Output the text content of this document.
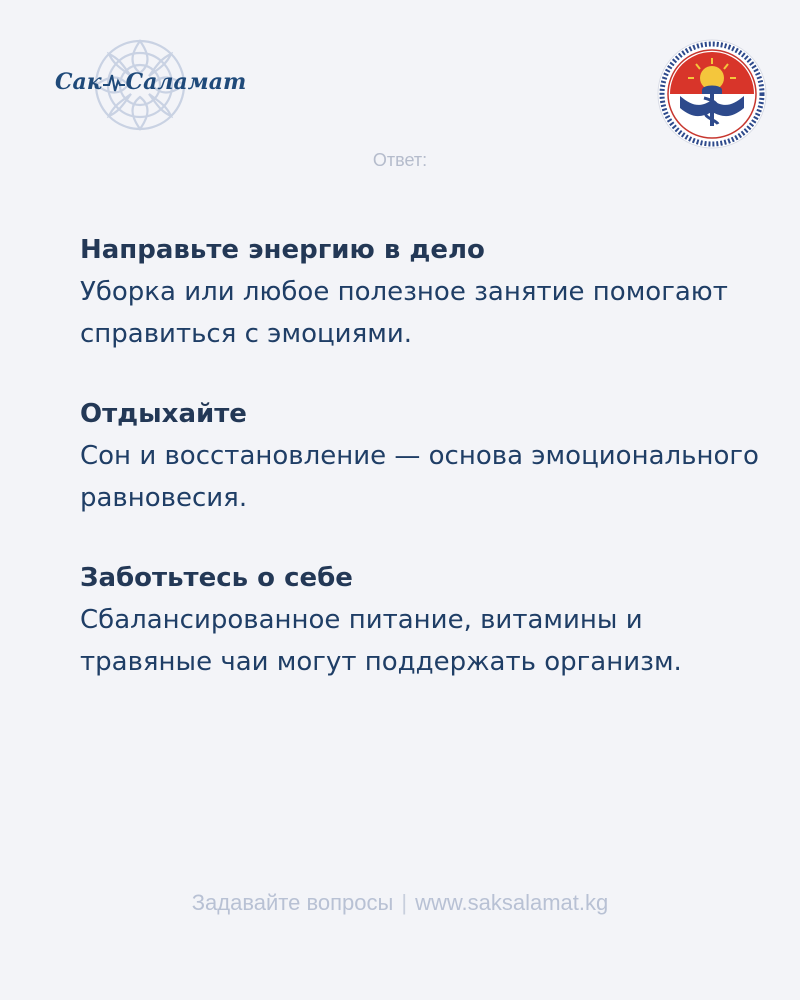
Сак Саламат
Ответ:
Направьте энергию в дело

Уборка или любое полезное занятие помогают справиться с эмоциями.

Отдыхайте

Сон и восстановление — основа эмоционального равновесия.

Заботьтесь о себе

Сбалансированное питание, витамины и травяные чаи могут поддержать организм.

Задавайте вопросы | www.saksalamat.kg
